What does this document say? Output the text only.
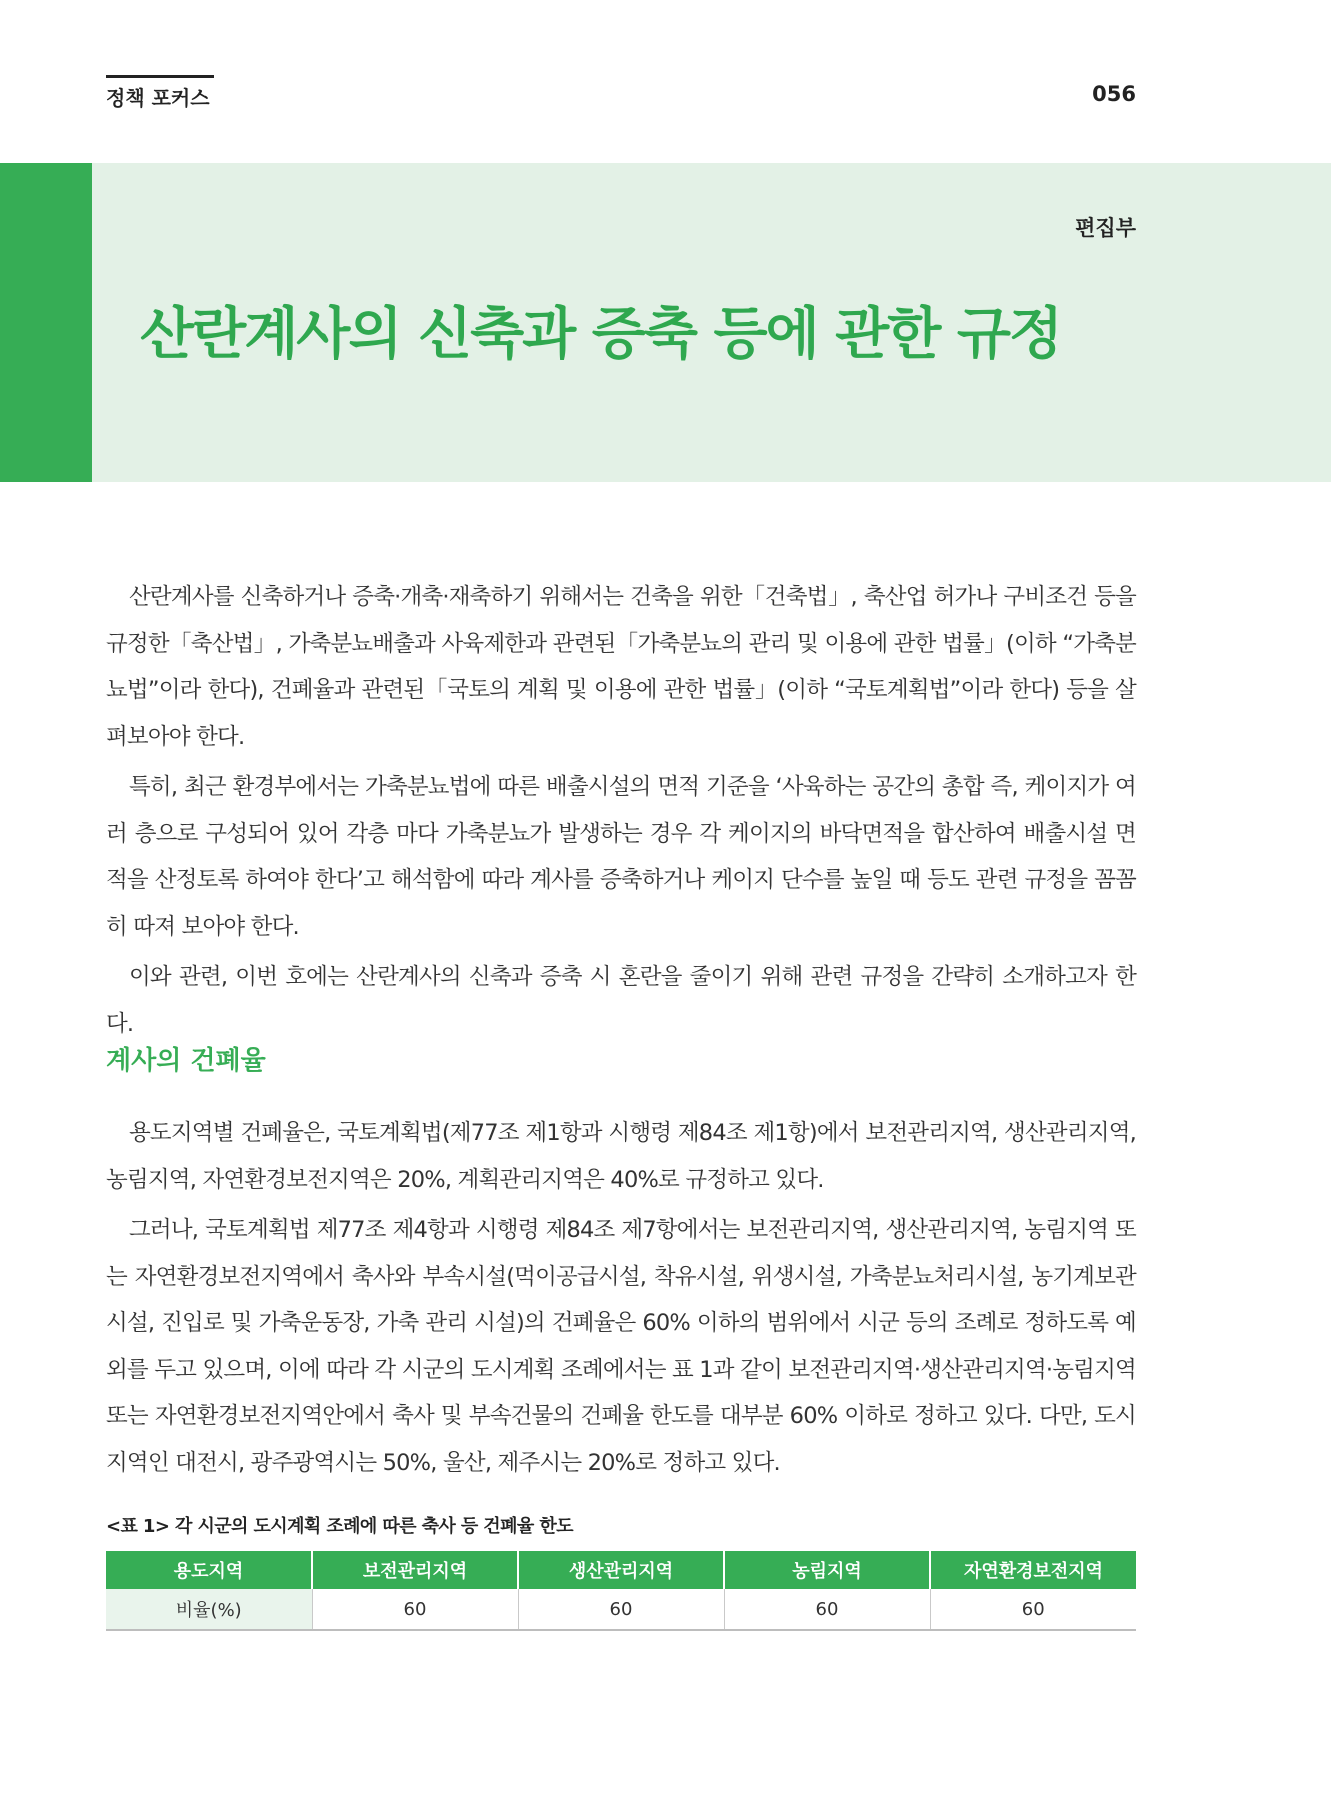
정책 포커스	056
편집부
산란계사의 신축과 증축 등에 관한 규정

산란계사를 신축하거나 증축·개축·재축하기 위해서는 건축을 위한「건축법」, 축산업 허가나 구비조건 등을 규정한「축산법」, 가축분뇨배출과 사육제한과 관련된「가축분뇨의 관리 및 이용에 관한 법률」(이하 “가축분뇨법”이라 한다), 건폐율과 관련된「국토의 계획 및 이용에 관한 법률」(이하 “국토계획법”이라 한다) 등을 살펴보아야 한다.

특히, 최근 환경부에서는 가축분뇨법에 따른 배출시설의 면적 기준을 ‘사육하는 공간의 총합 즉, 케이지가 여러 층으로 구성되어 있어 각층 마다 가축분뇨가 발생하는 경우 각 케이지의 바닥면적을 합산하여 배출시설 면적을 산정토록 하여야 한다’고 해석함에 따라 계사를 증축하거나 케이지 단수를 높일 때 등도 관련 규정을 꼼꼼히 따져 보아야 한다.

이와 관련, 이번 호에는 산란계사의 신축과 증축 시 혼란을 줄이기 위해 관련 규정을 간략히 소개하고자 한다.

계사의 건폐율

용도지역별 건폐율은, 국토계획법(제77조 제1항과 시행령 제84조 제1항)에서 보전관리지역, 생산관리지역, 농림지역, 자연환경보전지역은 20%, 계획관리지역은 40%로 규정하고 있다.

그러나, 국토계획법 제77조 제4항과 시행령 제84조 제7항에서는 보전관리지역, 생산관리지역, 농림지역 또는 자연환경보전지역에서 축사와 부속시설(먹이공급시설, 착유시설, 위생시설, 가축분뇨처리시설, 농기계보관시설, 진입로 및 가축운동장, 가축 관리 시설)의 건폐율은 60% 이하의 범위에서 시군 등의 조례로 정하도록 예외를 두고 있으며, 이에 따라 각 시군의 도시계획 조례에서는 표 1과 같이 보전관리지역·생산관리지역·농림지역 또는 자연환경보전지역안에서 축사 및 부속건물의 건폐율 한도를 대부분 60% 이하로 정하고 있다. 다만, 도시지역인 대전시, 광주광역시는 50%, 울산, 제주시는 20%로 정하고 있다.

<표 1> 각 시군의 도시계획 조례에 따른 축사 등 건폐율 한도
용도지역	보전관리지역	생산관리지역	농림지역	자연환경보전지역
비율(%)	60	60	60	60
